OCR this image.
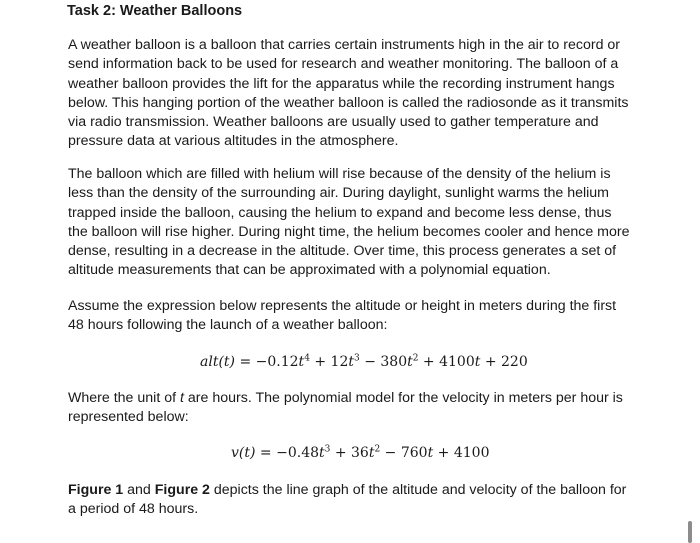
Task 2: Weather Balloons

A weather balloon is a balloon that carries certain instruments high in the air to record or
send information back to be used for research and weather monitoring. The balloon of a
weather balloon provides the lift for the apparatus while the recording instrument hangs
below. This hanging portion of the weather balloon is called the radiosonde as it transmits
via radio transmission. Weather balloons are usually used to gather temperature and
pressure data at various altitudes in the atmosphere.

The balloon which are filled with helium will rise because of the density of the helium is
less than the density of the surrounding air. During daylight, sunlight warms the helium
trapped inside the balloon, causing the helium to expand and become less dense, thus
the balloon will rise higher. During night time, the helium becomes cooler and hence more
dense, resulting in a decrease in the altitude. Over time, this process generates a set of
altitude measurements that can be approximated with a polynomial equation.

Assume the expression below represents the altitude or height in meters during the first
48 hours following the launch of a weather balloon:

$alt(t) = -0.12t^4 + 12t^3 - 380t^2 + 4100t + 220$

Where the unit of t are hours. The polynomial model for the velocity in meters per hour is
represented below:

$v(t) = -0.48t^3 + 36t^2 - 760t + 4100$

Figure 1 and Figure 2 depicts the line graph of the altitude and velocity of the balloon for
a period of 48 hours.
